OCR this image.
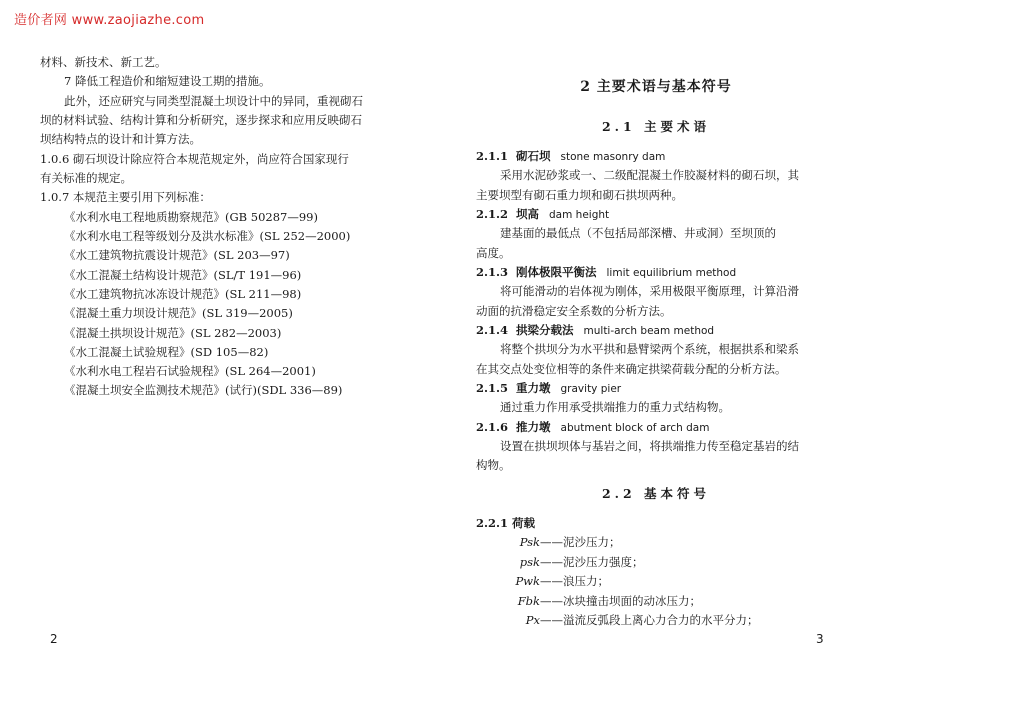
造价者网 www.zaojiazhe.com
材料、新技术、新工艺。
7 降低工程造价和缩短建设工期的措施。
此外，还应研究与同类型混凝土坝设计中的异同，重视砌石
坝的材料试验、结构计算和分析研究，逐步探求和应用反映砌石
坝结构特点的设计和计算方法。
1.0.6 砌石坝设计除应符合本规范规定外，尚应符合国家现行
有关标准的规定。
1.0.7 本规范主要引用下列标准：
《水利水电工程地质勘察规范》(GB 50287—99)
《水利水电工程等级划分及洪水标准》(SL 252—2000)
《水工建筑物抗震设计规范》(SL 203—97)
《水工混凝土结构设计规范》(SL/T 191—96)
《水工建筑物抗冰冻设计规范》(SL 211—98)
《混凝土重力坝设计规范》(SL 319—2005)
《混凝土拱坝设计规范》(SL 282—2003)
《水工混凝土试验规程》(SD 105—82)
《水利水电工程岩石试验规程》(SL 264—2001)
《混凝土坝安全监测技术规范》(试行)(SDL 336—89)
2
2 主要术语与基本符号
2.1 主要术语
2.1.1 砌石坝 stone masonry dam
采用水泥砂浆或一、二级配混凝土作胶凝材料的砌石坝，其
主要坝型有砌石重力坝和砌石拱坝两种。
2.1.2 坝高 dam height
建基面的最低点（不包括局部深槽、井或洞）至坝顶的
高度。
2.1.3 刚体极限平衡法 limit equilibrium method
将可能滑动的岩体视为刚体，采用极限平衡原理，计算沿滑
动面的抗滑稳定安全系数的分析方法。
2.1.4 拱梁分载法 multi-arch beam method
将整个拱坝分为水平拱和悬臂梁两个系统，根据拱系和梁系
在其交点处变位相等的条件来确定拱梁荷载分配的分析方法。
2.1.5 重力墩 gravity pier
通过重力作用承受拱端推力的重力式结构物。
2.1.6 推力墩 abutment block of arch dam
设置在拱坝坝体与基岩之间，将拱端推力传至稳定基岩的结
构物。
2.2 基本符号
2.2.1 荷载
Psk ——泥沙压力；
psk ——泥沙压力强度；
Pwk ——浪压力；
Fbk ——冰块撞击坝面的动冰压力；
Px ——溢流反弧段上离心力合力的水平分力；
3
